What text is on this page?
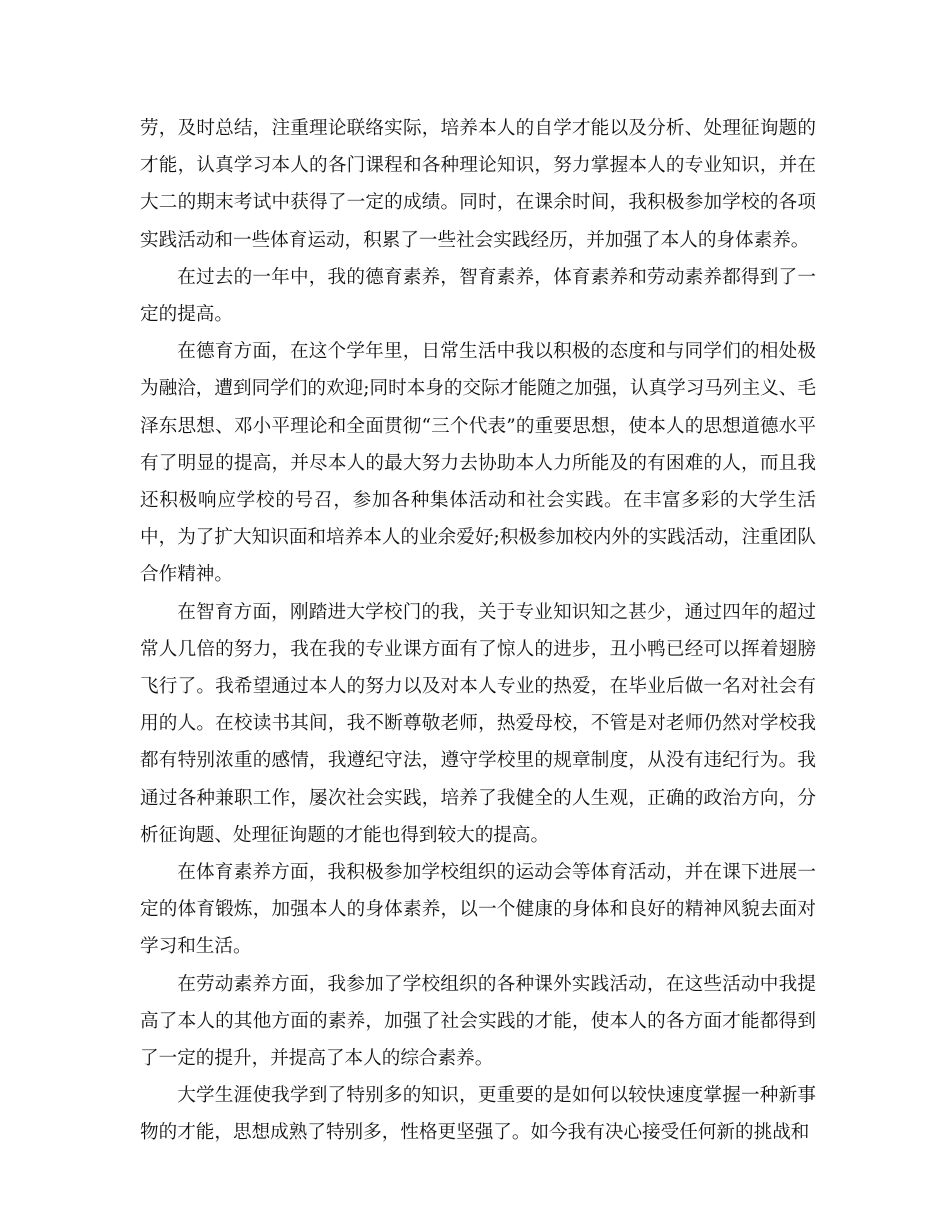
劳，及时总结，注重理论联络实际，培养本人的自学才能以及分析、处理征询题的才能，认真学习本人的各门课程和各种理论知识，努力掌握本人的专业知识，并在大二的期末考试中获得了一定的成绩。同时，在课余时间，我积极参加学校的各项实践活动和一些体育运动，积累了一些社会实践经历，并加强了本人的身体素养。

在过去的一年中，我的德育素养，智育素养，体育素养和劳动素养都得到了一定的提高。

在德育方面，在这个学年里，日常生活中我以积极的态度和与同学们的相处极为融洽，遭到同学们的欢迎;同时本身的交际才能随之加强，认真学习马列主义、毛泽东思想、邓小平理论和全面贯彻“三个代表”的重要思想，使本人的思想道德水平有了明显的提高，并尽本人的最大努力去协助本人力所能及的有困难的人，而且我还积极响应学校的号召，参加各种集体活动和社会实践。在丰富多彩的大学生活中，为了扩大知识面和培养本人的业余爱好;积极参加校内外的实践活动，注重团队合作精神。

在智育方面，刚踏进大学校门的我，关于专业知识知之甚少，通过四年的超过常人几倍的努力，我在我的专业课方面有了惊人的进步，丑小鸭已经可以挥着翅膀飞行了。我希望通过本人的努力以及对本人专业的热爱，在毕业后做一名对社会有用的人。在校读书其间，我不断尊敬老师，热爱母校，不管是对老师仍然对学校我都有特别浓重的感情，我遵纪守法，遵守学校里的规章制度，从没有违纪行为。我通过各种兼职工作，屡次社会实践，培养了我健全的人生观，正确的政治方向，分析征询题、处理征询题的才能也得到较大的提高。

在体育素养方面，我积极参加学校组织的运动会等体育活动，并在课下进展一定的体育锻炼，加强本人的身体素养，以一个健康的身体和良好的精神风貌去面对学习和生活。

在劳动素养方面，我参加了学校组织的各种课外实践活动，在这些活动中我提高了本人的其他方面的素养，加强了社会实践的才能，使本人的各方面才能都得到了一定的提升，并提高了本人的综合素养。

大学生涯使我学到了特别多的知识，更重要的是如何以较快速度掌握一种新事物的才能，思想成熟了特别多，性格更坚强了。如今我有决心接受任何新的挑战和
